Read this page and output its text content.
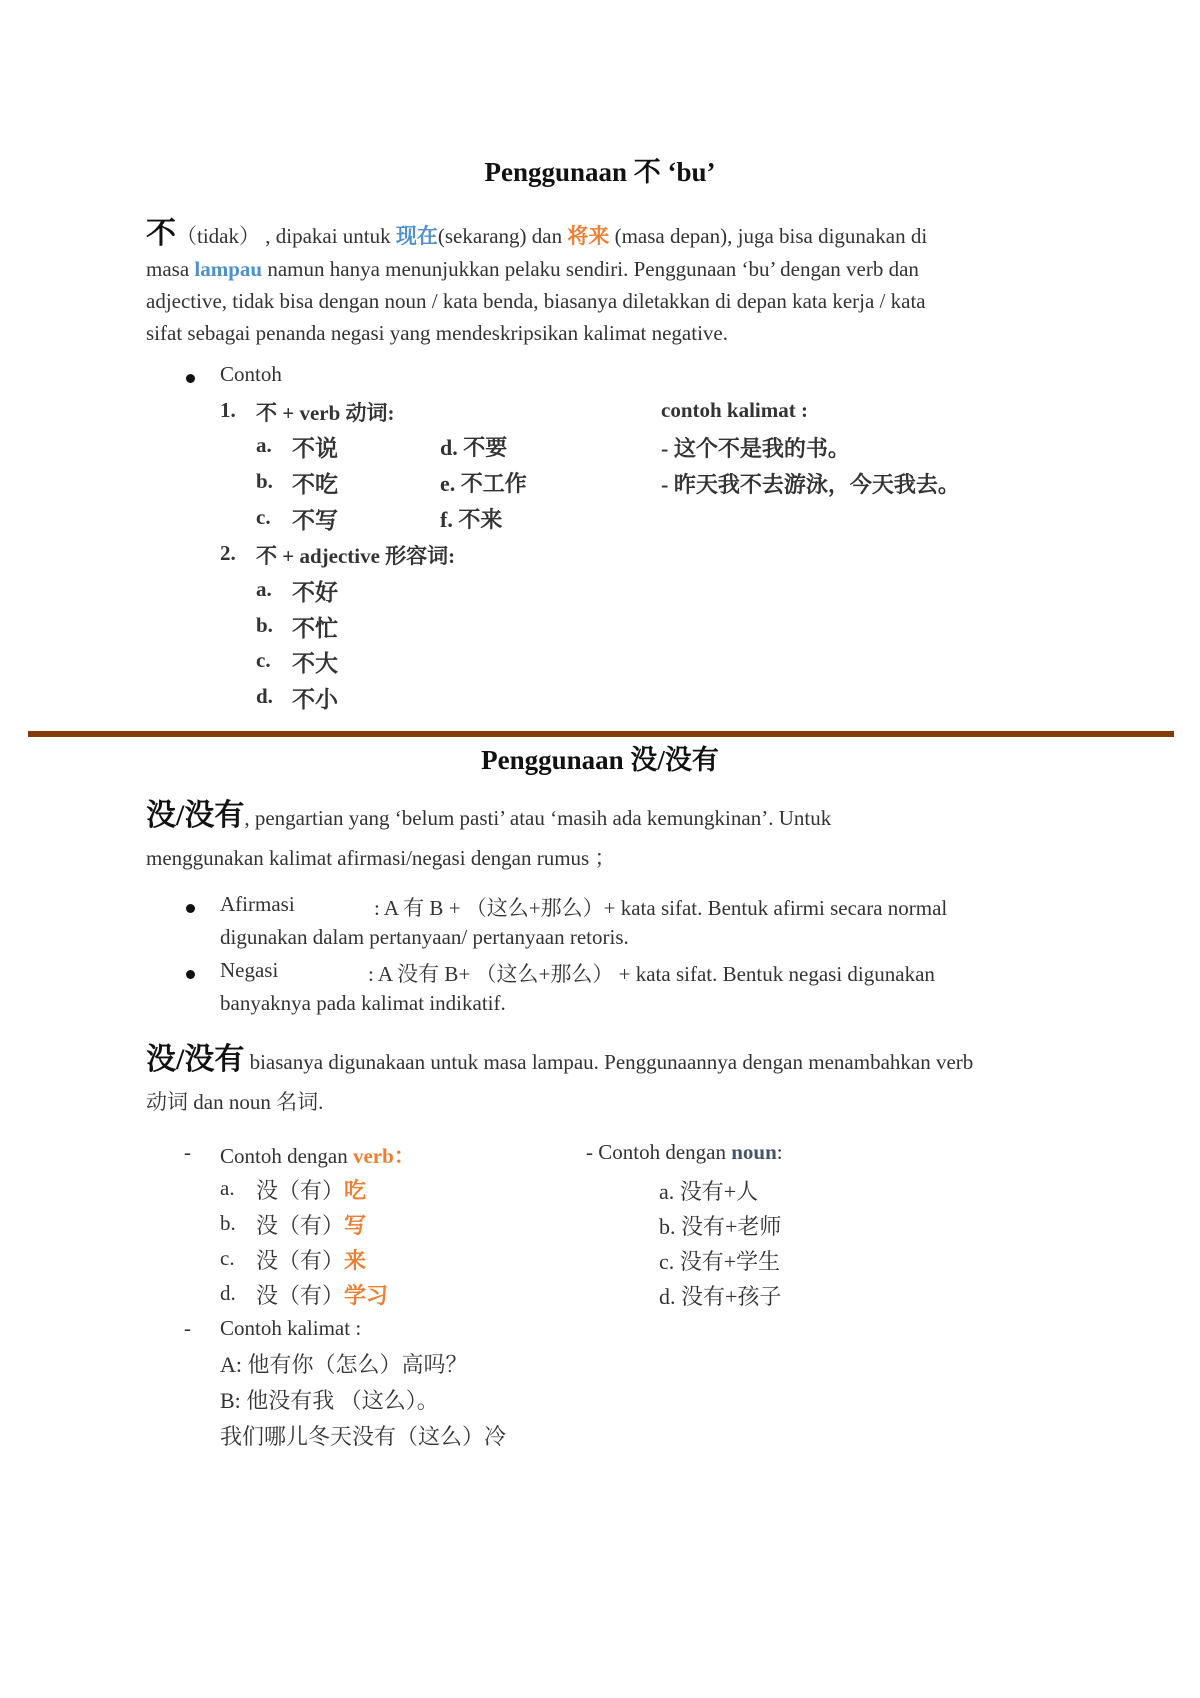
Penggunaan 不 ‘bu’
不（tidak） , dipakai untuk 现在(sekarang) dan 将来 (masa depan), juga bisa digunakan di
masa lampau namun hanya menunjukkan pelaku sendiri. Penggunaan ‘bu’ dengan verb dan
adjective, tidak bisa dengan noun / kata benda, biasanya diletakkan di depan kata kerja / kata
sifat sebagai penanda negasi yang mendeskripsikan kalimat negative.
Contoh
1. 不 + verb 动词:
a. 不说
b. 不吃
c. 不写
d. 不要
e. 不工作
f. 不来
contoh kalimat :
- 这个不是我的书。
- 昨天我不去游泳，今天我去。
2. 不 + adjective 形容词:
a. 不好
b. 不忙
c. 不大
d. 不小
Penggunaan 没/没有
没/没有, pengartian yang ‘belum pasti’ atau ‘masih ada kemungkinan’. Untuk
menggunakan kalimat afirmasi/negasi dengan rumus ；
Afirmasi	: A 有 B + （这么+那么）+ kata sifat. Bentuk afirmi secara normal
digunakan dalam pertanyaan/ pertanyaan retoris.
Negasi	: A 没有 B+ （这么+那么） + kata sifat. Bentuk negasi digunakan
banyaknya pada kalimat indikatif.
没/没有 biasanya digunakaan untuk masa lampau. Penggunaannya dengan menambahkan verb
动词 dan noun 名词.
- Contoh dengan verb：
a. 没（有）吃
b. 没（有）写
c. 没（有）来
d. 没（有）学习
- Contoh dengan noun:
a. 没有+人
b. 没有+老师
c. 没有+学生
d. 没有+孩子
- Contoh kalimat :
A: 他有你（怎么）高吗？
B: 他没有我 （这么）。
我们哪儿冬天没有（这么）冷
